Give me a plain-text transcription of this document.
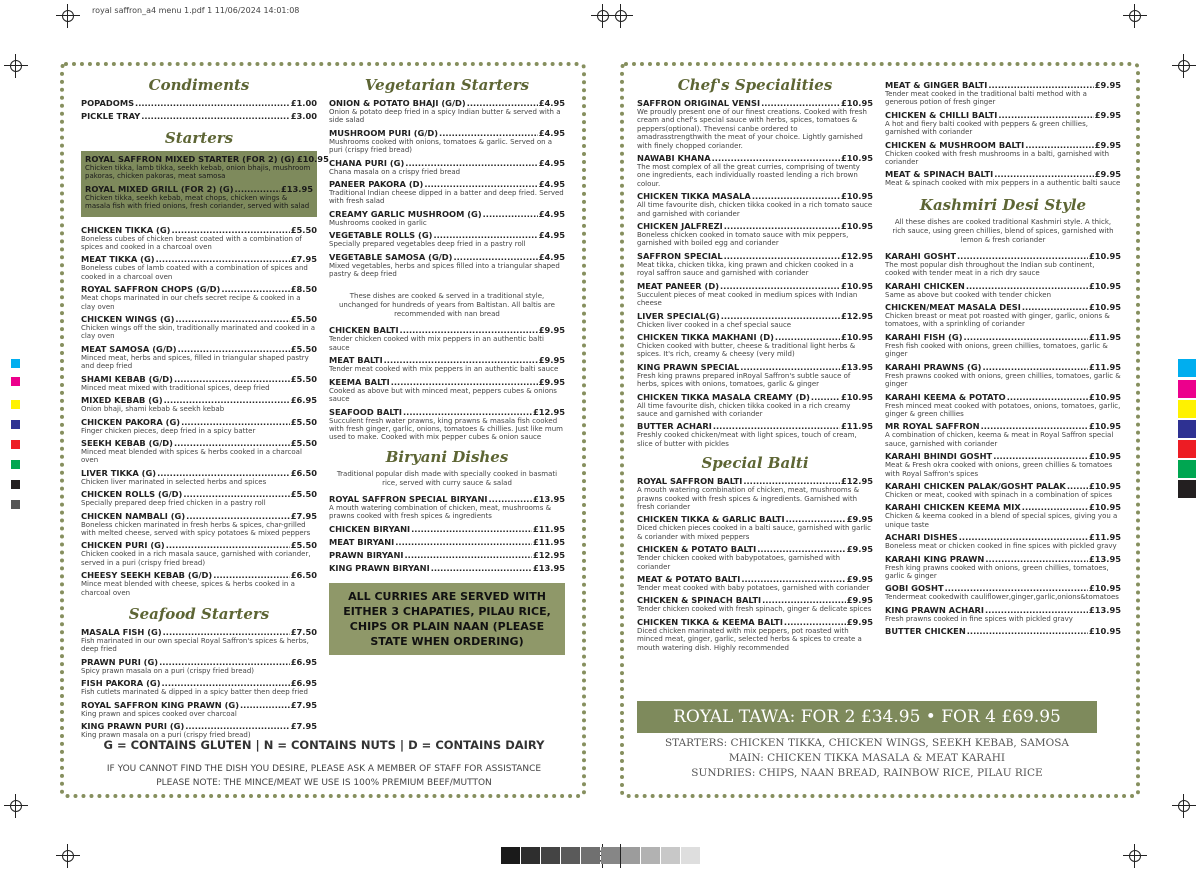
royal saffron_a4 menu 1.pdf 1 11/06/2024 14:01:08
Condiments
POPADOMS .....	£1.00
PICKLE TRAY .....	£3.00
Starters
ROYAL SAFFRON MIXED STARTER (FOR 2) (G) £10.95
Chicken tikka, lamb tikka, seekh kebab, onion bhajis, mushroom pakoras, chicken pakoras, meat samosa
ROYAL MIXED GRILL (FOR 2) (G) .....	£13.95
Chicken tikka, seekh kebab, meat chops, chicken wings & masala fish with fried onions, fresh coriander, served with salad
CHICKEN TIKKA (G) .....	£5.50
Boneless cubes of chicken breast coated with a combination of spices and cooked in a charcoal oven
MEAT TIKKA (G) .....	£7.95
Boneless cubes of lamb coated with a combination of spices and cooked in a charcoal oven
ROYAL SAFFRON CHOPS (G/D) .....	£8.50
Meat chops marinated in our chefs secret recipe & cooked in a clay oven
CHICKEN WINGS (G) .....	£5.50
Chicken wings off the skin, traditionally marinated and cooked in a clay oven
MEAT SAMOSA (G/D) .....	£5.50
Minced meat, herbs and spices, filled in triangular shaped pastry and deep fried
SHAMI KEBAB (G/D) .....	£5.50
Minced meat mixed with traditional spices, deep fried
MIXED KEBAB (G) .....	£6.95
Onion bhaji, shami kebab & seekh kebab
CHICKEN PAKORA (G) .....	£5.50
Finger chicken pieces, deep fried in a spicy batter
SEEKH KEBAB (G/D) .....	£5.50
Minced meat blended with spices & herbs cooked in a charcoal oven
LIVER TIKKA (G) .....	£6.50
Chicken liver marinated in selected herbs and spices
CHICKEN ROLLS (G/D) .....	£5.50
Specially prepared deep fried chicken in a pastry roll
CHICKEN NAMBALI (G) .....	£7.95
Boneless chicken marinated in fresh herbs & spices, char-grilled with melted cheese, served with spicy potatoes & mixed peppers
CHICKEN PURI (G) .....	£5.50
Chicken cooked in a rich masala sauce, garnished with coriander, served in a puri (crispy fried bread)
CHEESY SEEKH KEBAB (G/D) .....	£6.50
Mince meat blended with cheese, spices & herbs cooked in a charcoal oven
Seafood Starters
MASALA FISH (G) .....	£7.50
Fish marinated in our own special Royal Saffron's spices & herbs, deep fried
PRAWN PURI (G) .....	£6.95
Spicy prawn masala on a puri (crispy fried bread)
FISH PAKORA (G) .....	£6.95
Fish cutlets marinated & dipped in a spicy batter then deep fried
ROYAL SAFFRON KING PRAWN (G) .....	£7.95
King prawn and spices cooked over charcoal
KING PRAWN PURI (G) .....	£7.95
King prawn masala on a puri (crispy fried bread)
Vegetarian Starters
ONION & POTATO BHAJI (G/D) .....	£4.95
Onion & potato deep fried in a spicy Indian butter & served with a side salad
MUSHROOM PURI (G/D) .....	£4.95
Mushrooms cooked with onions, tomatoes & garlic. Served on a puri (crispy fried bread)
CHANA PURI (G) .....	£4.95
Chana masala on a crispy fried bread
PANEER PAKORA (D) .....	£4.95
Traditional Indian cheese dipped in a batter and deep fried. Served with fresh salad
CREAMY GARLIC MUSHROOM (G) .....	£4.95
Mushrooms cooked in garlic
VEGETABLE ROLLS (G) .....	£4.95
Specially prepared vegetables deep fried in a pastry roll
VEGETABLE SAMOSA (G/D) .....	£4.95
Mixed vegetables, herbs and spices filled into a triangular shaped pastry & deep fried
These dishes are cooked & served in a traditional style, unchanged for hundreds of years from Baltistan. All baltis are recommended with nan bread
CHICKEN BALTI .....	£9.95
Tender chicken cooked with mix peppers in an authentic balti sauce
MEAT BALTI .....	£9.95
Tender meat cooked with mix peppers in an authentic balti sauce
KEEMA BALTI .....	£9.95
Cooked as above but with minced meat, peppers cubes & onions sauce
SEAFOOD BALTI .....	£12.95
Succulent fresh water prawns, king prawns & masala fish cooked with fresh ginger, garlic, onions, tomatoes & chillies. Just like mum used to make. Cooked with mix pepper cubes & onion sauce
Biryani Dishes
Traditional popular dish made with specially cooked in basmati rice, served with curry sauce & salad
ROYAL SAFFRON SPECIAL BIRYANI .....	£13.95
A mouth watering combination of chicken, meat, mushrooms & prawns cooked with fresh spices & ingredients
CHICKEN BIRYANI .....	£11.95
MEAT BIRYANI .....	£11.95
PRAWN BIRYANI .....	£12.95
KING PRAWN BIRYANI .....	£13.95
ALL CURRIES ARE SERVED WITH EITHER 3 CHAPATIES, PILAU RICE, CHIPS OR PLAIN NAAN (PLEASE STATE WHEN ORDERING)
G = CONTAINS GLUTEN | N = CONTAINS NUTS | D = CONTAINS DAIRY
IF YOU CANNOT FIND THE DISH YOU DESIRE, PLEASE ASK A MEMBER OF STAFF FOR ASSISTANCE
PLEASE NOTE: THE MINCE/MEAT WE USE IS 100% PREMIUM BEEF/MUTTON
Chef's Specialities
SAFFRON ORIGINAL VENSI .....	£10.95
We proudly present one of our finest creations. Cooked with fresh cream and chef's special sauce with herbs, spices, tomatoes & peppers(optional). Thevensi canbe ordered to amadrasstrengthwith the meat of your choice. Lightly garnished with finely chopped coriander.
NAWABI KHANA .....	£10.95
The most complex of all the great curries, comprising of twenty one ingredients, each individually roasted lending a rich brown colour.
CHICKEN TIKKA MASALA .....	£10.95
All time favourite dish, chicken tikka cooked in a rich tomato sauce and garnished with coriander
CHICKEN JALFREZI .....	£10.95
Boneless chicken cooked in tomato sauce with mix peppers, garnished with boiled egg and coriander
SAFFRON SPECIAL .....	£12.95
Meat tikka, chicken tikka, king prawn and chicken cooked in a royal saffron sauce and garnished with coriander
MEAT PANEER (D) .....	£10.95
Succulent pieces of meat cooked in medium spices with Indian cheese
LIVER SPECIAL(G) .....	£12.95
Chicken liver cooked in a chef special sauce
CHICKEN TIKKA MAKHANI (D) .....	£10.95
Chicken cooked with butter, cheese & traditional light herbs & spices. It's rich, creamy & cheesy (very mild)
KING PRAWN SPECIAL .....	£13.95
Fresh king prawns prepared inRoyal Saffron's subtle sauce of herbs, spices with onions, tomatoes, garlic & ginger
CHICKEN TIKKA MASALA CREAMY (D) .....	£10.95
All time favourite dish, chicken tikka cooked in a rich creamy sauce and garnished with coriander
BUTTER ACHARI .....	£11.95
Freshly cooked chicken/meat with light spices, touch of cream, slice of butter with pickles
Special Balti
ROYAL SAFFRON BALTI .....	£12.95
A mouth watering combination of chicken, meat, mushrooms & prawns cooked with fresh spices & ingredients. Garnished with fresh coriander
CHICKEN TIKKA & GARLIC BALTI .....	£9.95
Diced chicken pieces cooked in a balti sauce, garnished with garlic & coriander with mixed peppers
CHICKEN & POTATO BALTI .....	£9.95
Tender chicken cooked with babypotatoes, garnished with coriander
MEAT & POTATO BALTI .....	£9.95
Tender meat cooked with baby potatoes, garnished with coriander
CHICKEN & SPINACH BALTI .....	£9.95
Tender chicken cooked with fresh spinach, ginger & delicate spices
CHICKEN TIKKA & KEEMA BALTI .....	£9.95
Diced chicken marinated with mix peppers, pot roasted with minced meat, ginger, garlic, selected herbs & spices to create a mouth watering dish. Highly recommended
MEAT & GINGER BALTI .....	£9.95
Tender meat cooked in the traditional balti method with a generous potion of fresh ginger
CHICKEN & CHILLI BALTI .....	£9.95
A hot and fiery balti cooked with peppers & green chillies, garnished with coriander
CHICKEN & MUSHROOM BALTI .....	£9.95
Chicken cooked with fresh mushrooms in a balti, garnished with coriander
MEAT & SPINACH BALTI .....	£9.95
Meat & spinach cooked with mix peppers in a authentic balti sauce
Kashmiri Desi Style
All these dishes are cooked traditional Kashmiri style. A thick, rich sauce, using green chillies, blend of spices, garnished with lemon & fresh coriander
KARAHI GOSHT .....	£10.95
The most popular dish throughout the Indian sub continent, cooked with tender meat in a rich dry sauce
KARAHI CHICKEN .....	£10.95
Same as above but cooked with tender chicken
CHICKEN/MEAT MASALA DESI .....	£10.95
Chicken breast or meat pot roasted with ginger, garlic, onions & tomatoes, with a sprinkling of coriander
KARAHI FISH (G) .....	£11.95
Fresh fish cooked with onions, green chillies, tomatoes, garlic & ginger
KARAHI PRAWNS (G) .....	£11.95
Fresh prawns cooked with onions, green chillies, tomatoes, garlic & ginger
KARAHI KEEMA & POTATO .....	£10.95
Fresh minced meat cooked with potatoes, onions, tomatoes, garlic, ginger & green chillies
MR ROYAL SAFFRON .....	£10.95
A combination of chicken, keema & meat in Royal Saffron special sauce, garnished with coriander
KARAHI BHINDI GOSHT .....	£10.95
Meat & Fresh okra cooked with onions, green chillies & tomatoes with Royal Saffron's spices
KARAHI CHICKEN PALAK/GOSHT PALAK .....	£10.95
Chicken or meat, cooked with spinach in a combination of spices
KARAHI CHICKEN KEEMA MIX .....	£10.95
Chicken & keema cooked in a blend of special spices, giving you a unique taste
ACHARI DISHES .....	£11.95
Boneless meat or chicken cooked in fine spices with pickled gravy
KARAHI KING PRAWN .....	£13.95
Fresh king prawns cooked with onions, green chillies, tomatoes, garlic & ginger
GOBI GOSHT .....	£10.95
Tendermeat cookedwith cauliflower,ginger,garlic,onions&tomatoes
KING PRAWN ACHARI .....	£13.95
Fresh prawns cooked in fine spices with pickled gravy
BUTTER CHICKEN .....	£10.95
ROYAL TAWA: FOR 2 £34.95 • FOR 4 £69.95
STARTERS: CHICKEN TIKKA, CHICKEN WINGS, SEEKH KEBAB, SAMOSA
MAIN: CHICKEN TIKKA MASALA & MEAT KARAHI
SUNDRIES: CHIPS, NAAN BREAD, RAINBOW RICE, PILAU RICE
